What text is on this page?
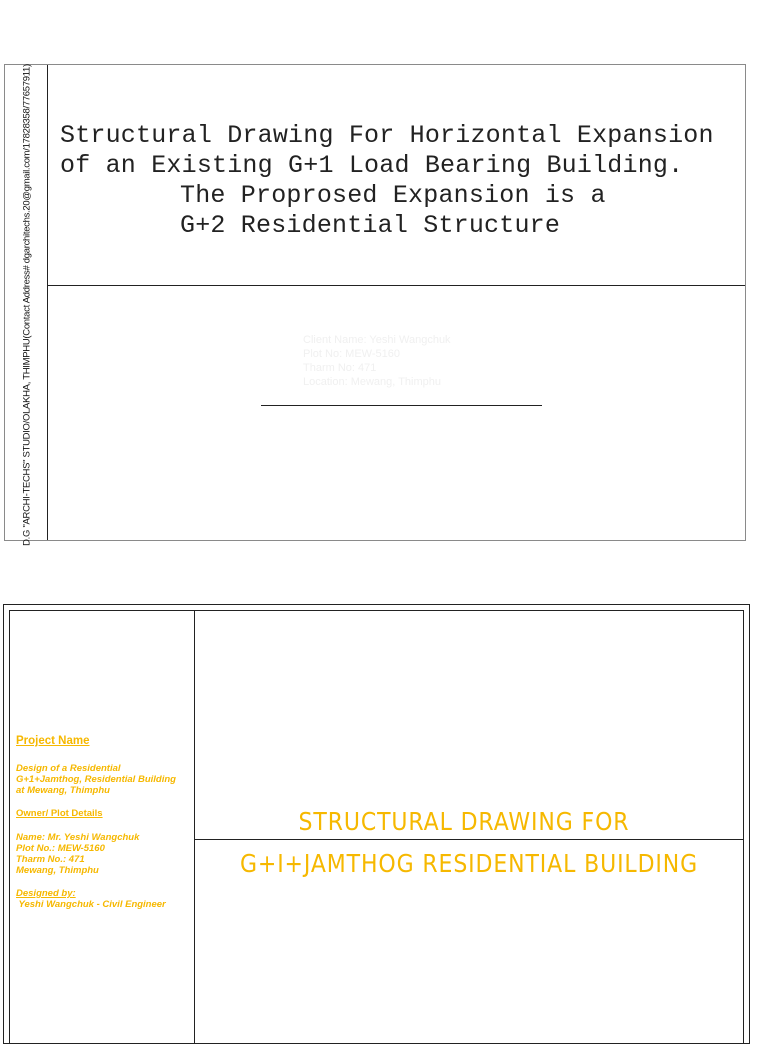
D.G "ARCHI-TECHS" STUDIO/OLAKHA, THIMPHU(Contact Address# dgarchitechs.20@gmail.com/17828358/77657911) Structural Drawing For Horizontal Expansion
of an Existing G+1 Load Bearing Building.
The Proprosed Expansion is a
G+2 Residential Structure
Client Name: Yeshi Wangchuk
Plot No: MEW-5160
Tharm No: 471
Location: Mewang, Thimphu
Project Name
Design of a Residential
G+1+Jamthog, Residential Building
at Mewang, Thimphu
Owner/ Plot Details
Name: Mr. Yeshi Wangchuk
Plot No.: MEW-5160
Tharm No.: 471
Mewang, Thimphu
Designed by:
Yeshi Wangchuk - Civil Engineer
STRUCTURAL DRAWING FOR
G+I+JAMTHOG RESIDENTIAL BUILDING
